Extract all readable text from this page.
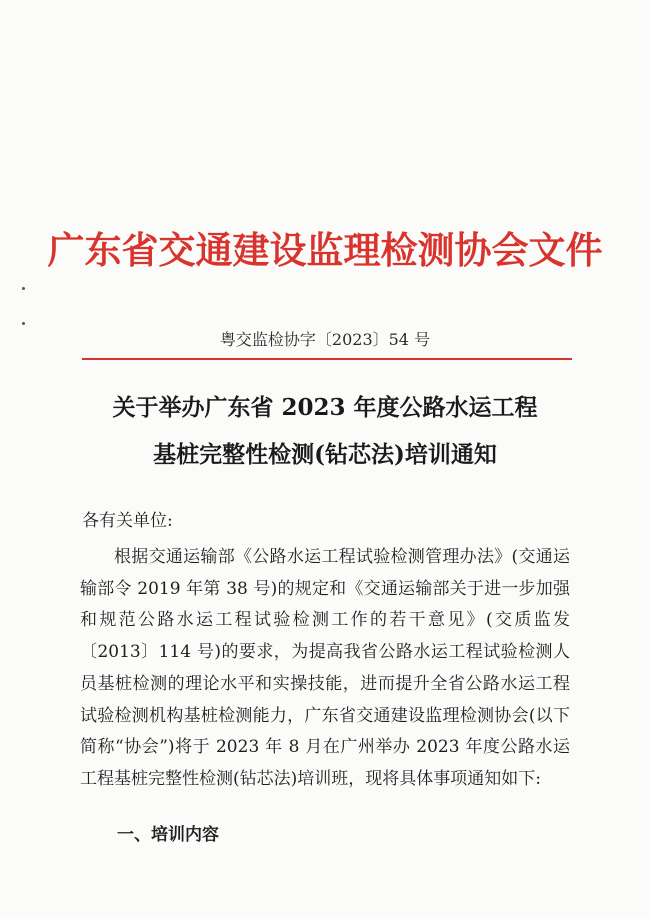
广东省交通建设监理检测协会文件
粤交监检协字〔2023〕54 号
关于举办广东省 2023 年度公路水运工程
基桩完整性检测(钻芯法)培训通知
各有关单位:
根据交通运输部《公路水运工程试验检测管理办法》(交通运输部令 2019 年第 38 号)的规定和《交通运输部关于进一步加强和规范公路水运工程试验检测工作的若干意见》(交质监发〔2013〕114 号)的要求，为提高我省公路水运工程试验检测人员基桩检测的理论水平和实操技能，进而提升全省公路水运工程试验检测机构基桩检测能力，广东省交通建设监理检测协会(以下简称“协会”)将于 2023 年 8 月在广州举办 2023 年度公路水运工程基桩完整性检测(钻芯法)培训班，现将具体事项通知如下:
一、培训内容
